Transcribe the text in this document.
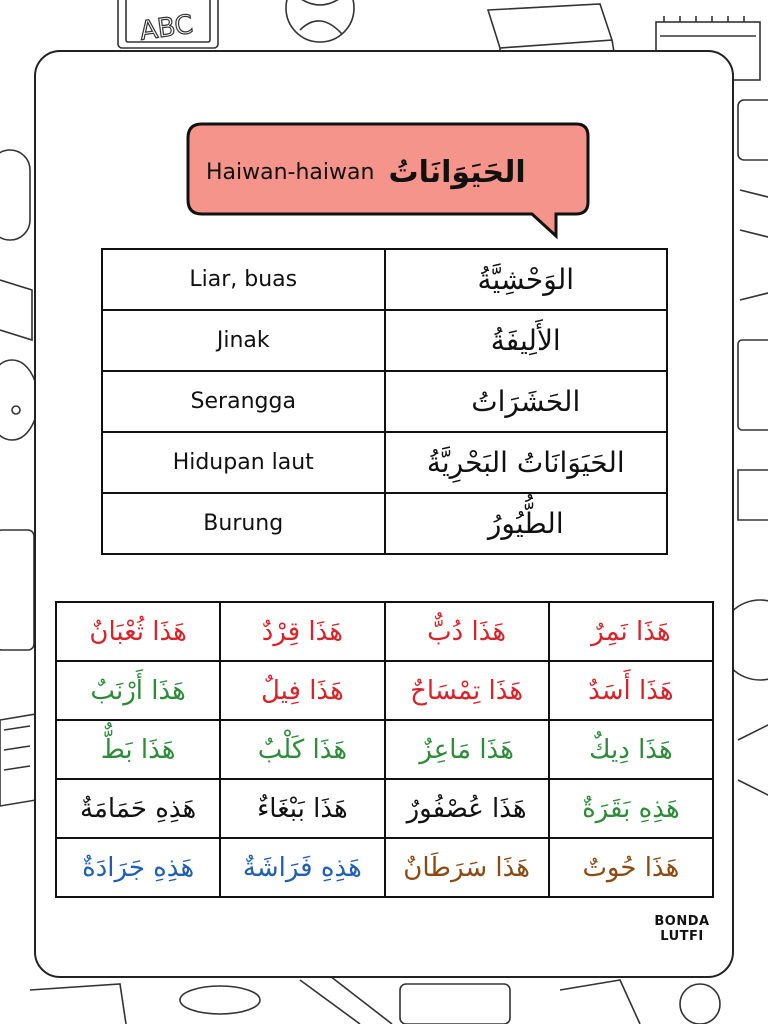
ABC
Haiwan-haiwan الحَيَوَانَاتُ
Liar, buas	الوَحْشِيَّةُ
Jinak	الأَلِيفَةُ
Serangga	الحَشَرَاتُ
Hidupan laut	الحَيَوَانَاتُ البَحْرِيَّةُ
Burung	الطُّيُورُ
هَذَا نَمِرٌ	هَذَا دُبٌّ	هَذَا قِرْدٌ	هَذَا ثُعْبَانٌ
هَذَا أَسَدٌ	هَذَا تِمْسَاحٌ	هَذَا فِيلٌ	هَذَا أَرْنَبٌ
هَذَا دِيكٌ	هَذَا مَاعِزٌ	هَذَا كَلْبٌ	هَذَا بَطٌّ
هَذِهِ بَقَرَةٌ	هَذَا عُصْفُورٌ	هَذَا بَبْغَاءٌ	هَذِهِ حَمَامَةٌ
هَذَا حُوتٌ	هَذَا سَرَطَانٌ	هَذِهِ فَرَاشَةٌ	هَذِهِ جَرَادَةٌ
BONDA
LUTFI
